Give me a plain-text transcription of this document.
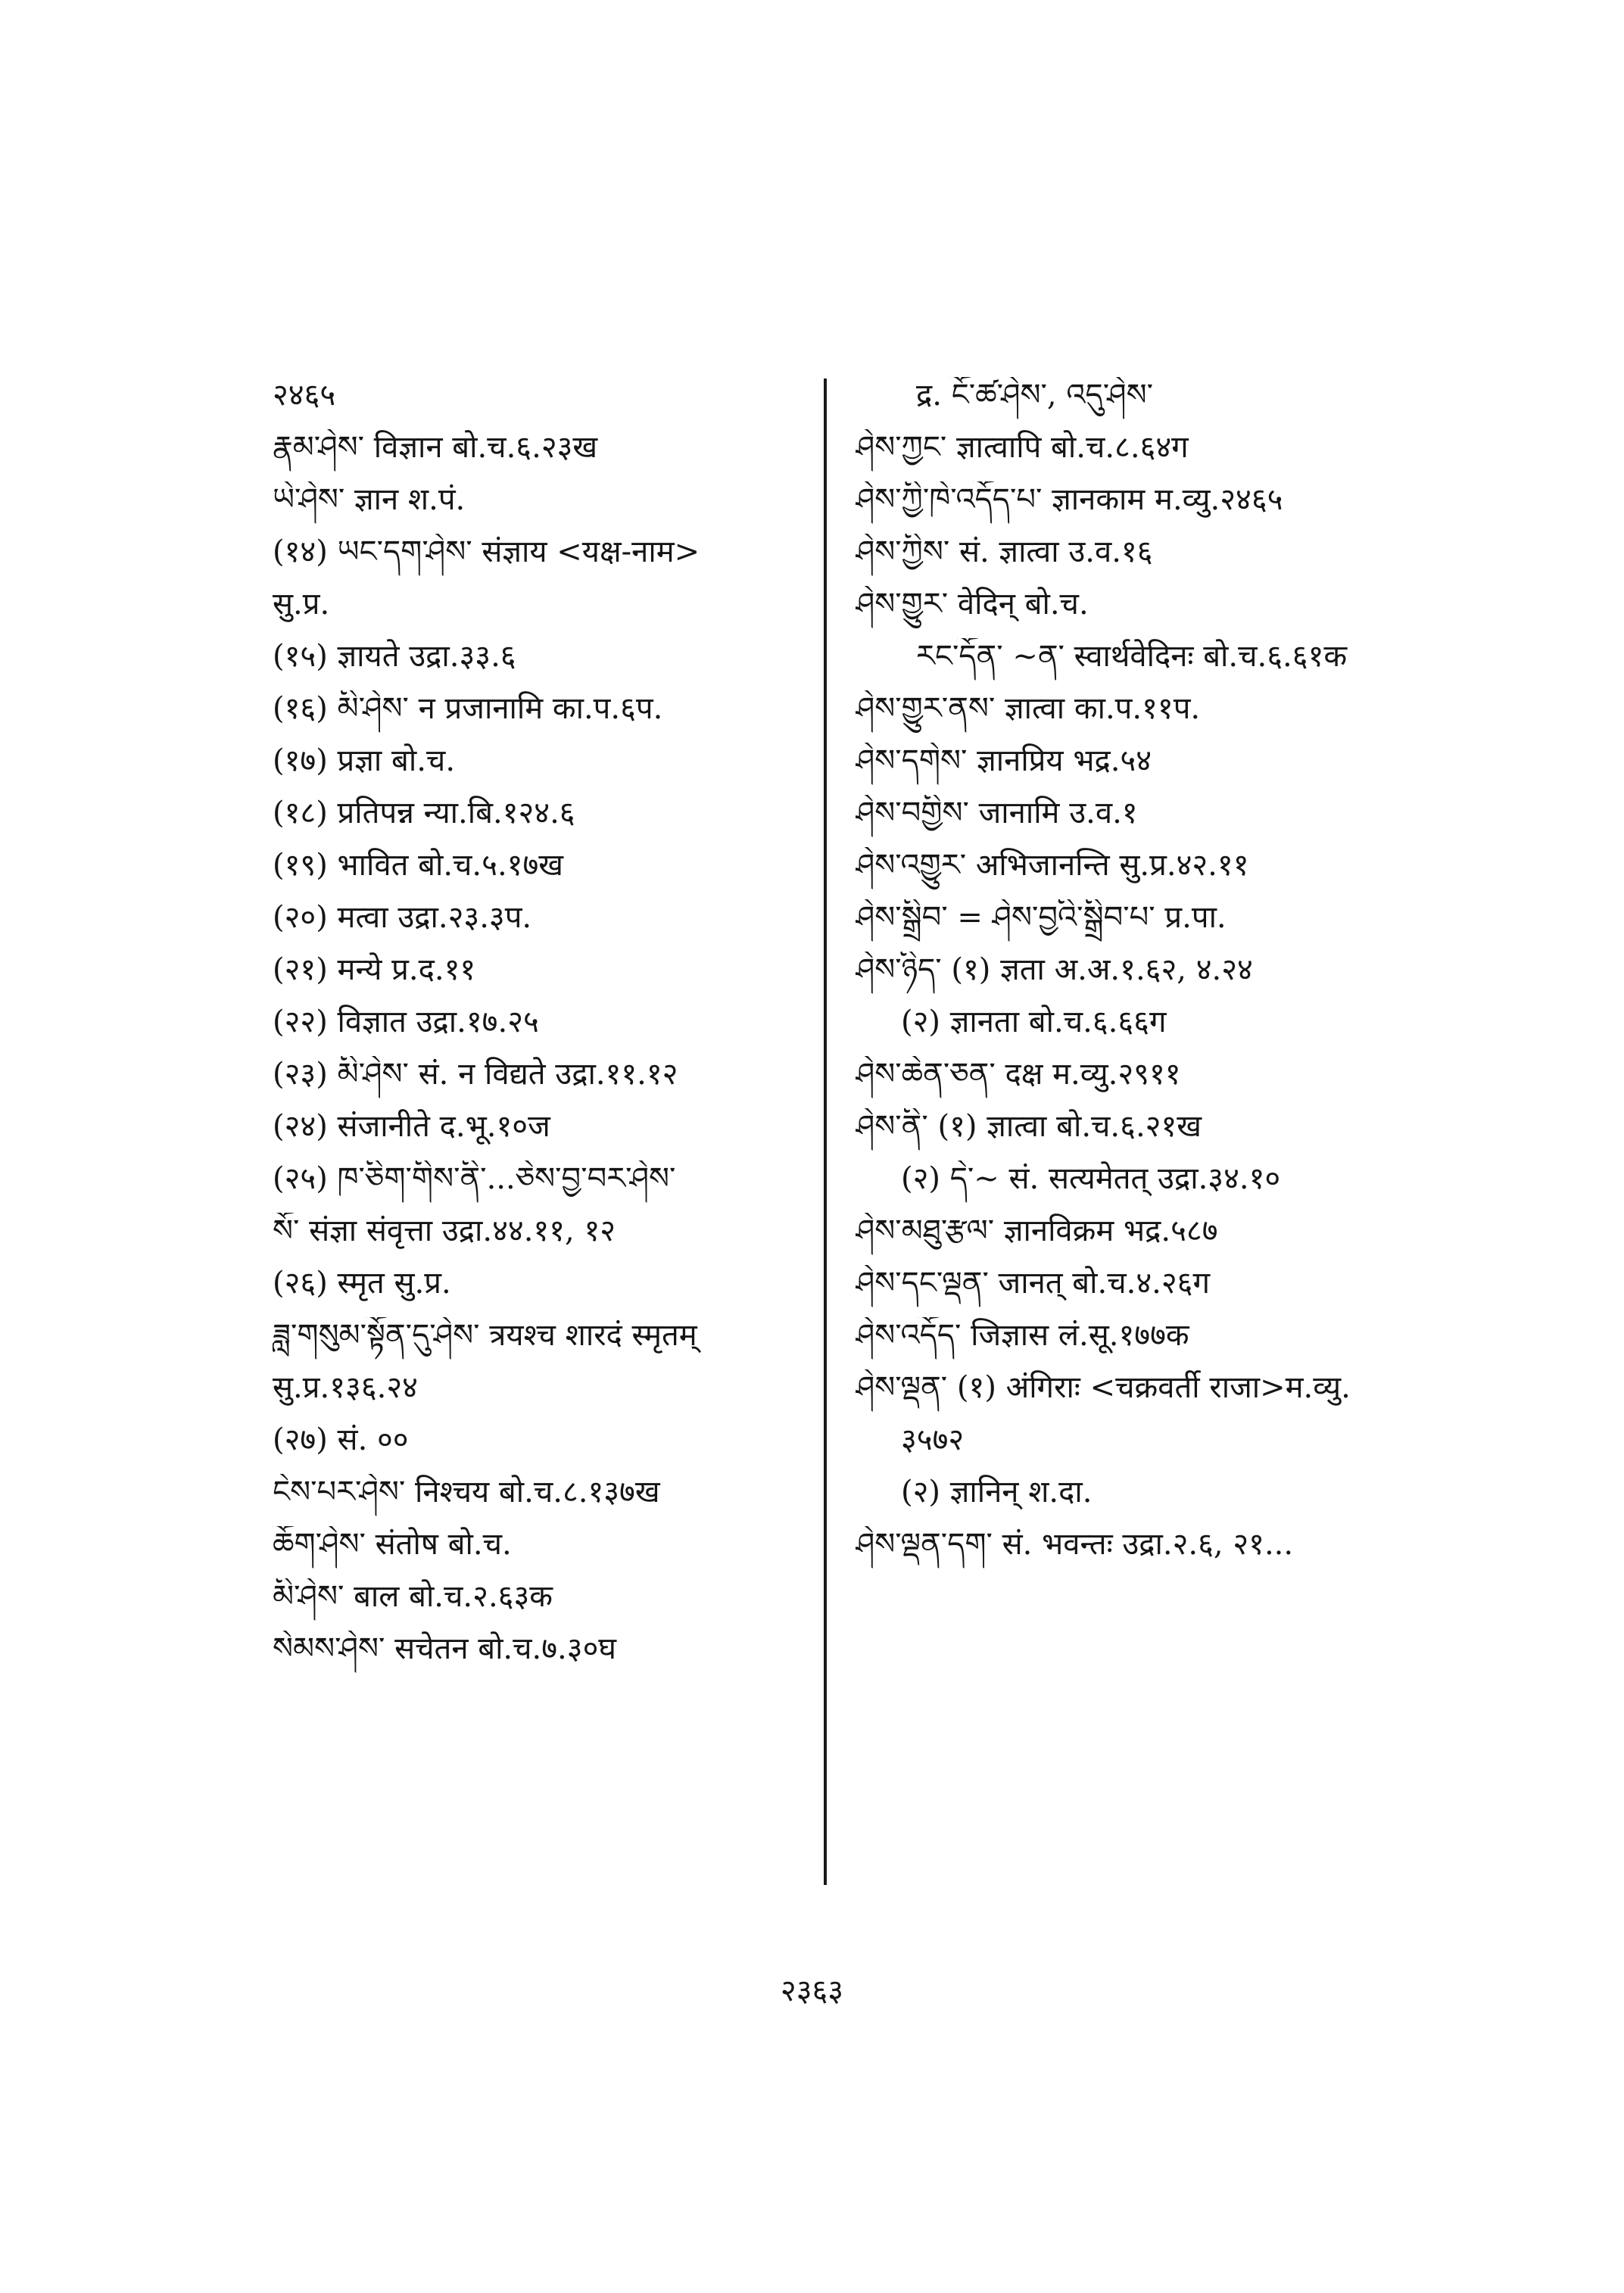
२४६५
རྣམ་ཤེས་ विज्ञान बो.च.६.२३ख
ཡེ་ཤེས་ ज्ञान श.पं.
(१४) ཡང་དག་ཤེས་ संज्ञाय <यक्ष-नाम>
सु.प्र.
(१५) ज्ञायते उद्रा.३३.६
(१६) མི་ཤེས་ न प्रजानामि का.प.६प.
(१७) प्रज्ञा बो.च.
(१८) प्रतिपन्न न्या.बि.१२४.६
(१९) भावित बो.च.५.१७ख
(२०) मत्वा उद्रा.२३.३प.
(२१) मन्ये प्र.द.११
(२२) विज्ञात उद्रा.१७.२५
(२३) མི་ཤེས་ सं. न विद्यते उद्रा.११.१२
(२४) संजानीते द.भू.१०ज
(२५) ཁ་ཅིག་གིས་ནི་...ཅེས་བྱ་བར་ཤེས་
སོ་ संज्ञा संवृत्ता उद्रा.४४.११, १२
(२६) स्मृत सु.प्र.
ཟླ་གསུམ་སྟོན་དུ་ཤེས་ त्रयश्च शारदं स्मृतम्
सु.प्र.१३६.२४
(२७) सं. ००
ངེས་པར་ཤེས་ निश्चय बो.च.८.१३७ख
ཆོག་ཤེས་ संतोष बो.च.
མི་ཤེས་ बाल बो.च.२.६३क
སེམས་ཤེས་ सचेतन बो.च.७.३०घ
द्र. ངོ་ཚ་ཤེས་, འདུ་ཤེས་
ཤེས་ཀྱང་ ज्ञात्वापि बो.च.८.६४ग
ཤེས་ཀྱི་ཁེ་འདོད་པ་ ज्ञानकाम म.व्यु.२४६५
ཤེས་ཀྱིས་ सं. ज्ञात्वा उ.व.१६
ཤེས་གྱུར་ वेदिन् बो.च.
རང་དོན་ ~ན་ स्वार्थवेदिनः बो.च.६.६१क
ཤེས་གྱུར་ནས་ ज्ञात्वा का.प.११प.
ཤེས་དགེས་ ज्ञानप्रिय भद्र.५४
ཤེས་བགྱིས་ जानामि उ.व.१
ཤེས་འགྱུར་ अभिजानन्ति सु.प्र.४२.११
ཤེས་སྒྲིབ་ = ཤེས་བྱའི་སྒྲིབ་པ་ प्र.पा.
ཤེས་ཉིད་ (१) ज्ञता अ.अ.१.६२, ४.२४
(२) ज्ञानता बो.च.६.६६ग
ཤེས་ཆེན་ཅན་ दक्ष म.व्यु.२९११
ཤེས་ནི་ (१) ज्ञात्वा बो.च.६.२१ख
(२) དེ་~ सं. सत्यमेतत् उद्रा.३४.१०
ཤེས་མཐུ་རྩལ་ ज्ञानविक्रम भद्र.५८७
ཤེས་དང་ལྡན་ जानत् बो.च.४.२६ग
ཤེས་འདོད་ जिज्ञास लं.सू.१७७क
ཤེས་ལྡན་ (१) अंगिराः <चक्रवर्ती राजा>म.व्यु.
३५७२
(२) ज्ञानिन् श.दा.
ཤེས་ལྡན་དག་ सं. भवन्तः उद्रा.२.६, २१...
२३६३
